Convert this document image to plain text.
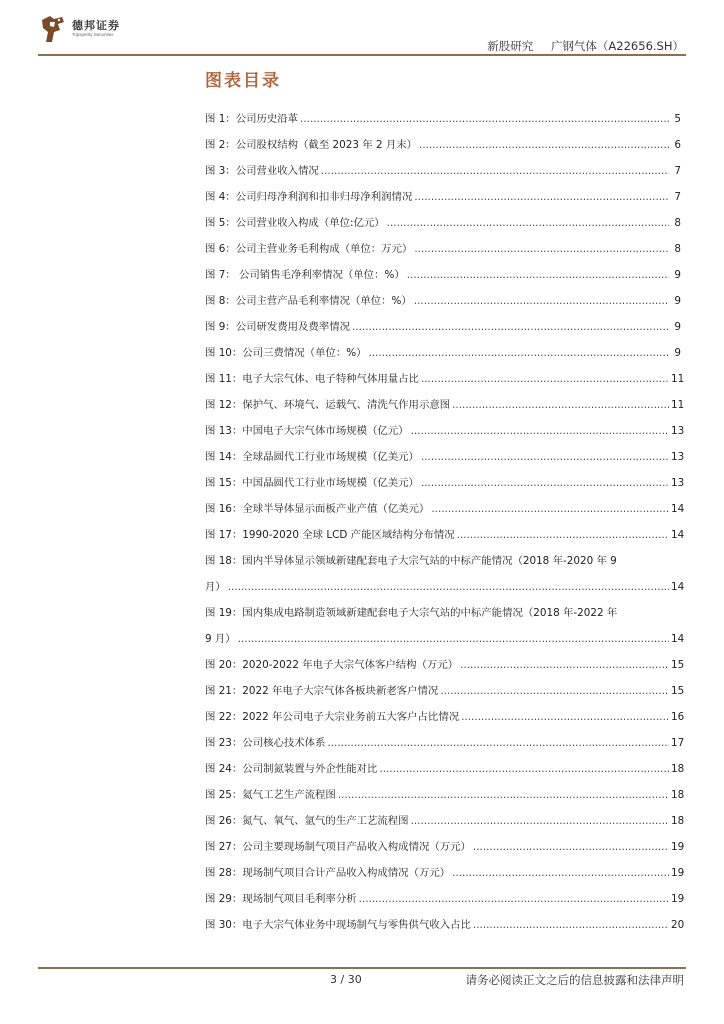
德邦证券
Topsperity Securities
新股研究 广钢气体（A22656.SH）
图表目录
图 1：公司历史沿革 .....	5
图 2：公司股权结构（截至 2023 年 2 月末） .....	6
图 3：公司营业收入情况 .....	7
图 4：公司归母净利润和扣非归母净利润情况 .....	7
图 5：公司营业收入构成（单位:亿元） .....	8
图 6：公司主营业务毛利构成（单位：万元） .....	8
图 7： 公司销售毛净利率情况（单位：%） .....	9
图 8：公司主营产品毛利率情况（单位：%） .....	9
图 9：公司研发费用及费率情况 .....	9
图 10：公司三费情况（单位：%） .....	9
图 11：电子大宗气体、电子特种气体用量占比 .....	11
图 12：保护气、环境气、运载气、清洗气作用示意图 .....	11
图 13：中国电子大宗气体市场规模（亿元） .....	13
图 14：全球晶圆代工行业市场规模（亿美元） .....	13
图 15：中国晶圆代工行业市场规模（亿美元） .....	13
图 16：全球半导体显示面板产业产值（亿美元） .....	14
图 17：1990-2020 全球 LCD 产能区域结构分布情况 .....	14
图 18：国内半导体显示领域新建配套电子大宗气站的中标产能情况（2018 年-2020 年 9
月） .....	14
图 19：国内集成电路制造领域新建配套电子大宗气站的中标产能情况（2018 年-2022 年
9 月） .....	14
图 20：2020-2022 年电子大宗气体客户结构（万元） .....	15
图 21：2022 年电子大宗气体各板块新老客户情况 .....	15
图 22：2022 年公司电子大宗业务前五大客户占比情况 .....	16
图 23：公司核心技术体系 .....	17
图 24：公司制氮装置与外企性能对比 .....	18
图 25：氦气工艺生产流程图 .....	18
图 26：氮气、氧气、氩气的生产工艺流程图 .....	18
图 27：公司主要现场制气项目产品收入构成情况（万元） .....	19
图 28：现场制气项目合计产品收入构成情况（万元） .....	19
图 29：现场制气项目毛利率分析 .....	19
图 30：电子大宗气体业务中现场制气与零售供气收入占比 .....	20
3 / 30	请务必阅读正文之后的信息披露和法律声明
